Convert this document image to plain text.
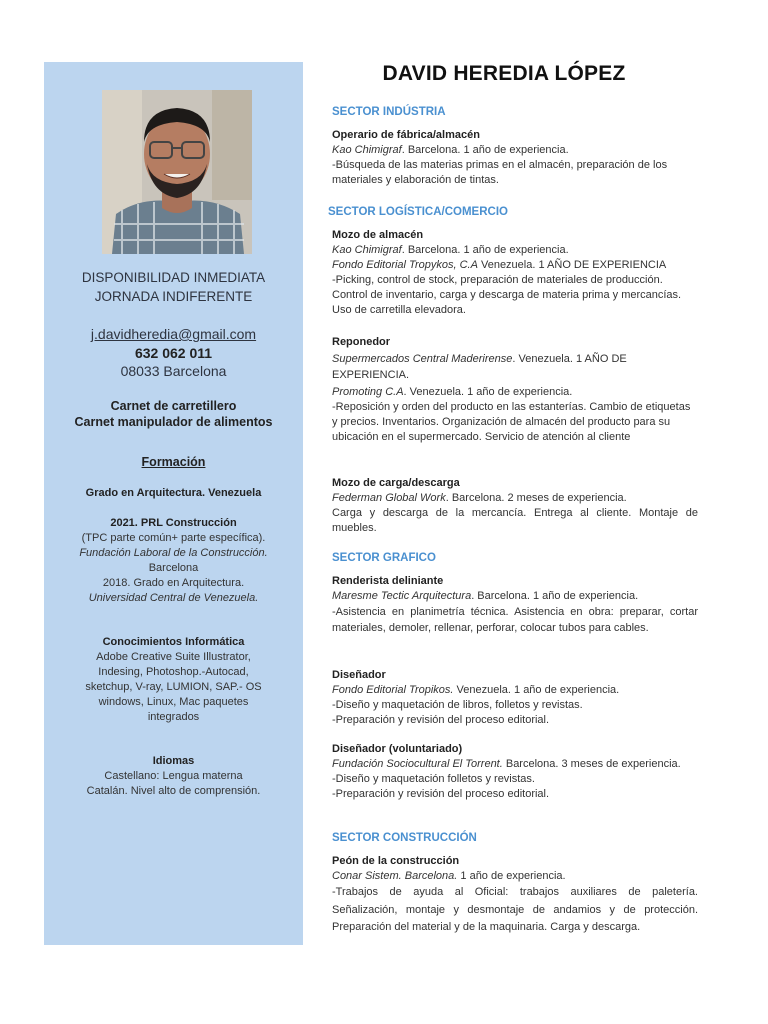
DISPONIBILIDAD INMEDIATA
JORNADA INDIFERENTE
j.davidheredia@gmail.com
632 062 011
08033 Barcelona
Carnet de carretillero
Carnet manipulador de alimentos
Formación
Grado en Arquitectura. Venezuela
2021. PRL Construcción
(TPC parte común+ parte específica).
Fundación Laboral de la Construcción.
Barcelona
2018. Grado en Arquitectura.
Universidad Central de Venezuela.
Conocimientos Informática
Adobe Creative Suite Illustrator,
Indesing, Photoshop.-Autocad,
sketchup, V-ray, LUMION, SAP.- OS
windows, Linux, Mac paquetes
integrados
Idiomas
Castellano: Lengua materna
Catalán. Nivel alto de comprensión.
DAVID HEREDIA LÓPEZ
SECTOR INDÚSTRIA

Operario de fábrica/almacén

Kao Chimigraf. Barcelona. 1 año de experiencia.

-Búsqueda de las materias primas en el almacén, preparación de los materiales y elaboración de tintas.

SECTOR LOGÍSTICA/COMERCIO

Mozo de almacén

Kao Chimigraf. Barcelona. 1 año de experiencia.

Fondo Editorial Tropykos, C.A Venezuela. 1 AÑO DE EXPERIENCIA

-Picking, control de stock, preparación de materiales de producción. Control de inventario, carga y descarga de materia prima y mercancías. Uso de carretilla elevadora.

Reponedor

Supermercados Central Maderirense. Venezuela. 1 AÑO DE EXPERIENCIA.

Promoting C.A. Venezuela. 1 año de experiencia.

-Reposición y orden del producto en las estanterías. Cambio de etiquetas y precios. Inventarios. Organización de almacén del producto para su ubicación en el supermercado. Servicio de atención al cliente

Mozo de carga/descarga

Federman Global Work. Barcelona. 2 meses de experiencia.

Carga y descarga de la mercancía. Entrega al cliente. Montaje de muebles.

SECTOR GRAFICO

Renderista deliniante

Maresme Tectic Arquitectura. Barcelona. 1 año de experiencia.

-Asistencia en planimetría técnica. Asistencia en obra: preparar, cortar materiales, demoler, rellenar, perforar, colocar tubos para cables.

Diseñador

Fondo Editorial Tropikos. Venezuela. 1 año de experiencia.

-Diseño y maquetación de libros, folletos y revistas.

-Preparación y revisión del proceso editorial.

Diseñador (voluntariado)

Fundación Sociocultural El Torrent. Barcelona. 3 meses de experiencia.

-Diseño y maquetación folletos y revistas.

-Preparación y revisión del proceso editorial.

SECTOR CONSTRUCCIÓN

Peón de la construcción

Conar Sistem. Barcelona. 1 año de experiencia.

-Trabajos de ayuda al Oficial: trabajos auxiliares de paletería. Señalización, montaje y desmontaje de andamios y de protección. Preparación del material y de la maquinaria. Carga y descarga.
